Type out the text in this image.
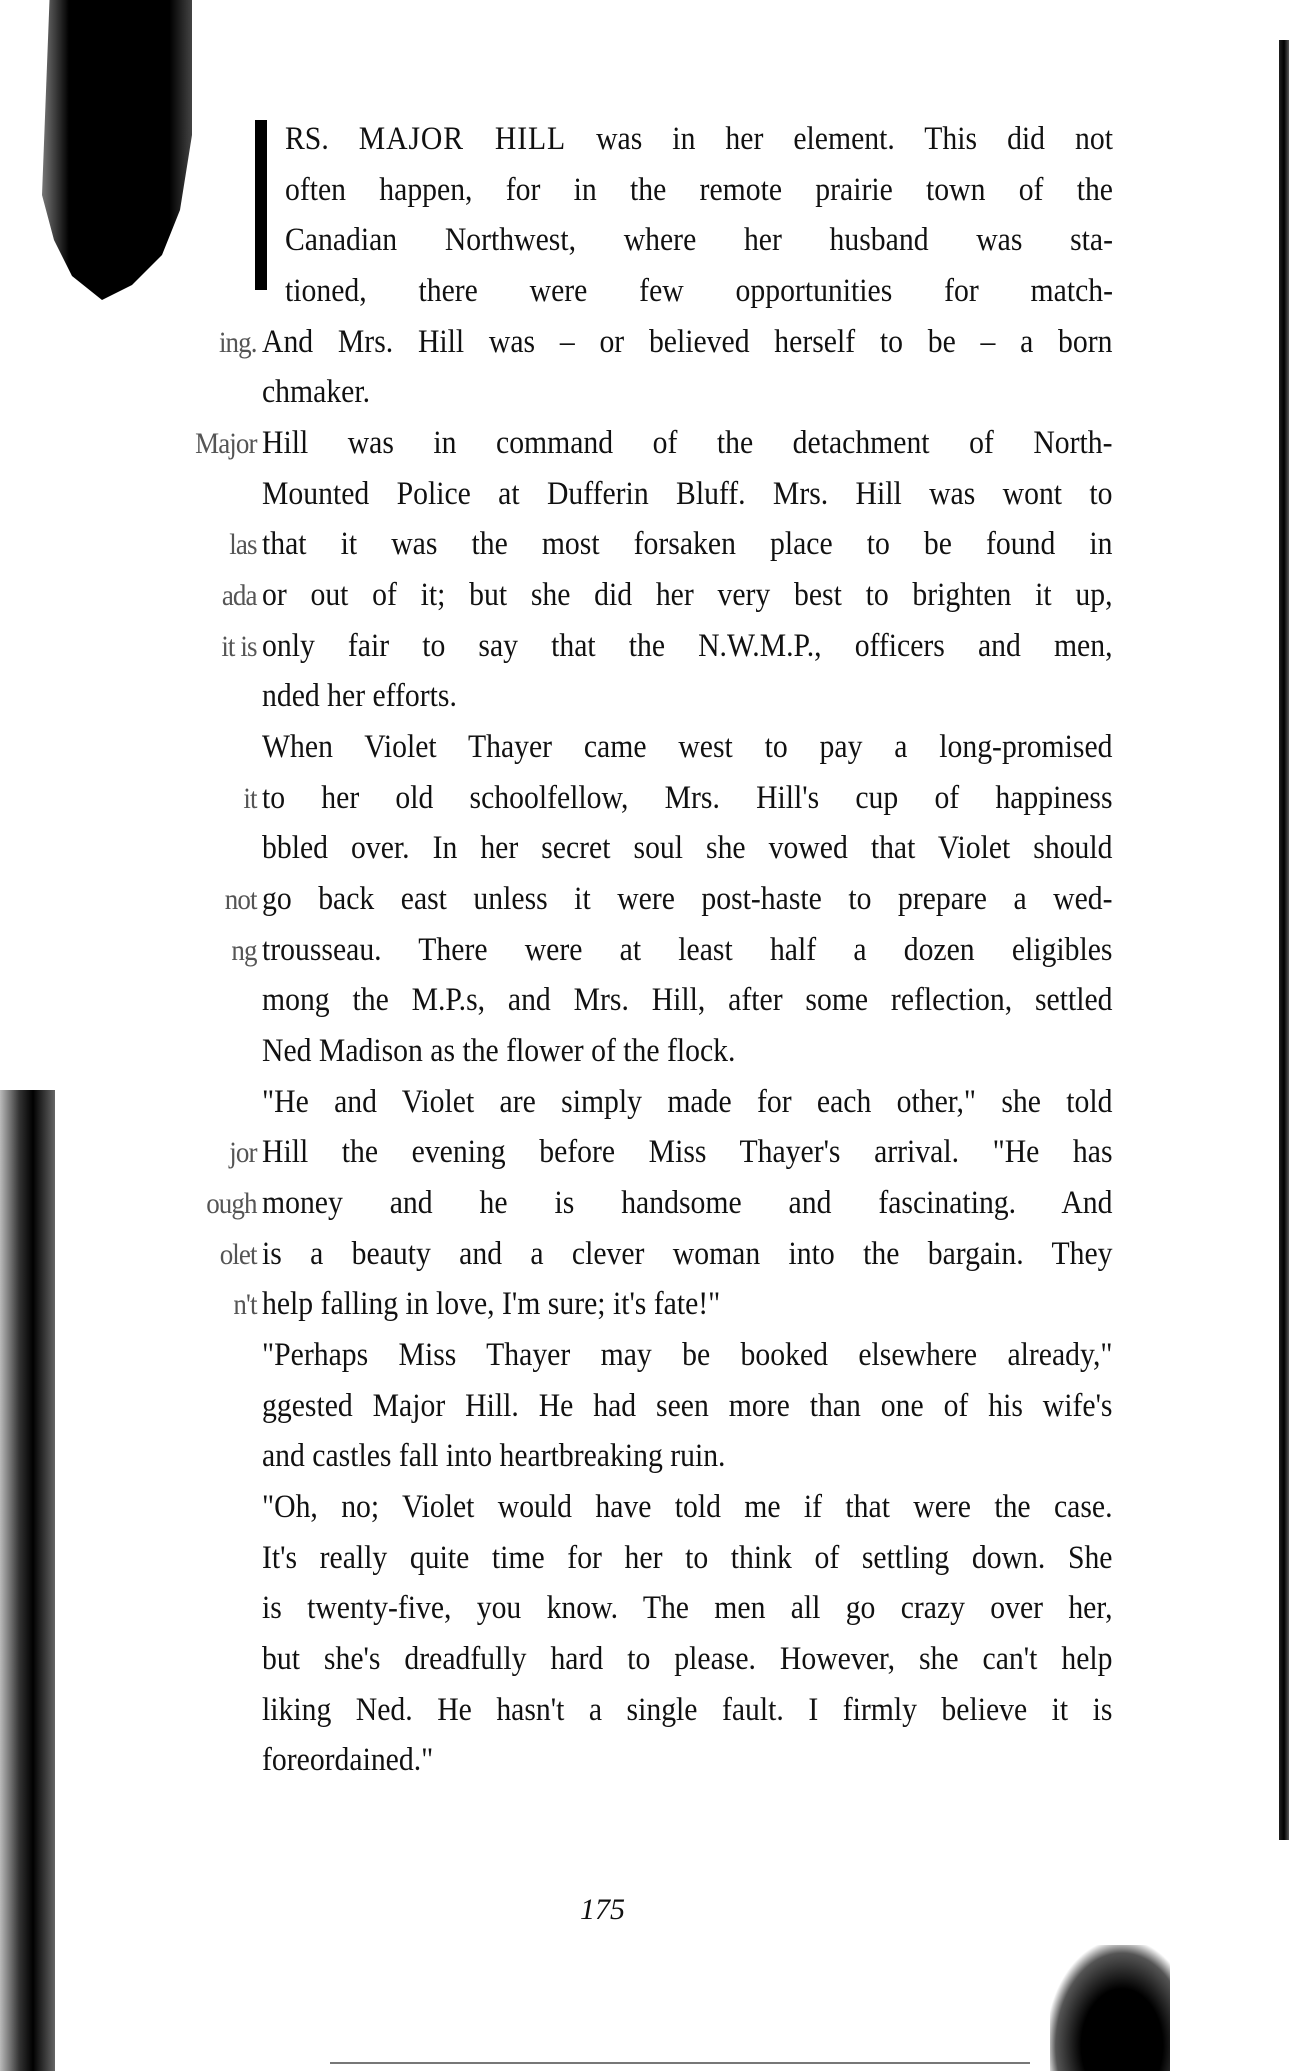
RS. MAJOR HILL was in her element. This did not
often happen, for in the remote prairie town of the
Canadian Northwest, where her husband was sta-
tioned, there were few opportunities for match-
ing. And Mrs. Hill was – or believed herself to be – a born
chmaker.
Major Hill was in command of the detachment of North-
Mounted Police at Dufferin Bluff. Mrs. Hill was wont to
las that it was the most forsaken place to be found in
ada or out of it; but she did her very best to brighten it up,
it is only fair to say that the N.W.M.P., officers and men,
nded her efforts.
When Violet Thayer came west to pay a long-promised
it to her old schoolfellow, Mrs. Hill's cup of happiness
bbled over. In her secret soul she vowed that Violet should
not go back east unless it were post-haste to prepare a wed-
ng trousseau. There were at least half a dozen eligibles
mong the M.P.s, and Mrs. Hill, after some reflection, settled
Ned Madison as the flower of the flock.
"He and Violet are simply made for each other," she told
jor Hill the evening before Miss Thayer's arrival. "He has
ough money and he is handsome and fascinating. And
olet is a beauty and a clever woman into the bargain. They
n't help falling in love, I'm sure; it's fate!"
"Perhaps Miss Thayer may be booked elsewhere already,"
ggested Major Hill. He had seen more than one of his wife's
and castles fall into heartbreaking ruin.
"Oh, no; Violet would have told me if that were the case.
It's really quite time for her to think of settling down. She
is twenty-five, you know. The men all go crazy over her,
but she's dreadfully hard to please. However, she can't help
liking Ned. He hasn't a single fault. I firmly believe it is
foreordained."
175
